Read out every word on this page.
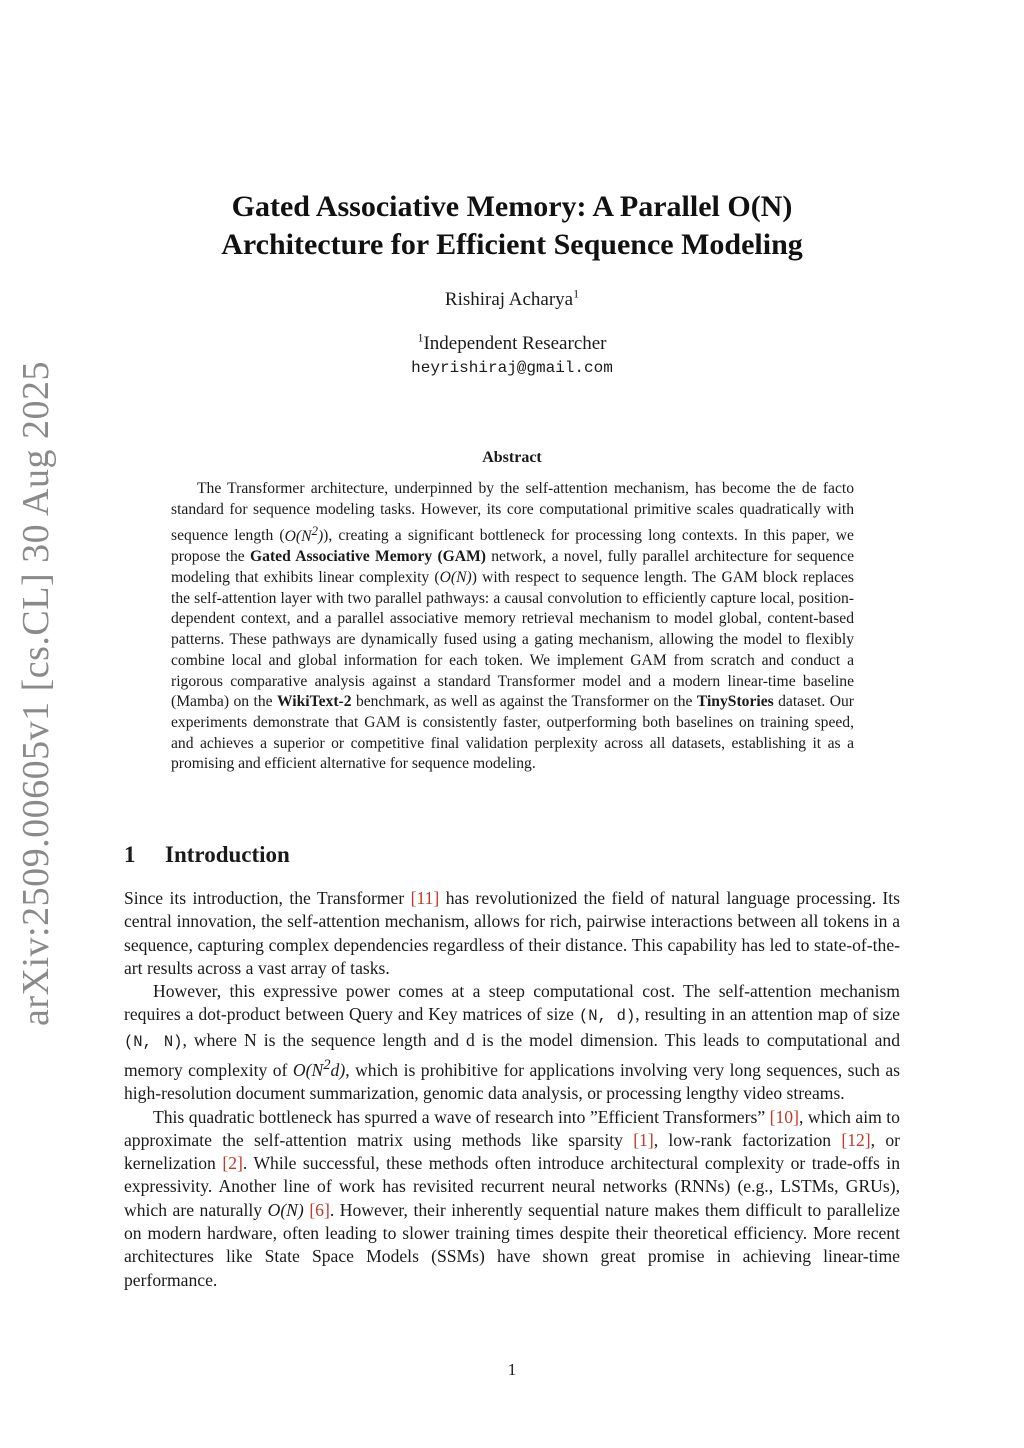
arXiv:2509.00605v1 [cs.CL] 30 Aug 2025
Gated Associative Memory: A Parallel O(N)
Architecture for Efficient Sequence Modeling
Rishiraj Acharya$^1$
$^1$Independent Researcher
heyrishiraj@gmail.com
Abstract

The Transformer architecture, underpinned by the self-attention mechanism, has become the de facto standard for sequence modeling tasks. However, its core computational primitive scales quadratically with sequence length $(O(N^2))$, creating a significant bottleneck for processing long contexts. In this paper, we propose the Gated Associative Memory (GAM) network, a novel, fully parallel architecture for sequence modeling that exhibits linear complexity (O(N)) with respect to sequence length. The GAM block replaces the self-attention layer with two parallel pathways: a causal convolution to efficiently capture local, position-dependent context, and a parallel associative memory retrieval mechanism to model global, content-based patterns. These pathways are dynamically fused using a gating mechanism, allowing the model to flexibly combine local and global information for each token. We implement GAM from scratch and conduct a rigorous comparative analysis against a standard Transformer model and a modern linear-time baseline (Mamba) on the WikiText-2 benchmark, as well as against the Transformer on the TinyStories dataset. Our experiments demonstrate that GAM is consistently faster, outperforming both baselines on training speed, and achieves a superior or competitive final validation perplexity across all datasets, establishing it as a promising and efficient alternative for sequence modeling.

1 Introduction

Since its introduction, the Transformer [11] has revolutionized the field of natural language processing. Its central innovation, the self-attention mechanism, allows for rich, pairwise interactions between all tokens in a sequence, capturing complex dependencies regardless of their distance. This capability has led to state-of-the-art results across a vast array of tasks.

However, this expressive power comes at a steep computational cost. The self-attention mechanism requires a dot-product between Query and Key matrices of size (N, d), resulting in an attention map of size (N, N), where N is the sequence length and d is the model dimension. This leads to computational and memory complexity of $O(N^2d)$, which is prohibitive for applications involving very long sequences, such as high-resolution document summarization, genomic data analysis, or processing lengthy video streams.

This quadratic bottleneck has spurred a wave of research into ”Efficient Transformers” [10], which aim to approximate the self-attention matrix using methods like sparsity [1], low-rank factorization [12], or kernelization [2]. While successful, these methods often introduce architectural complexity or trade-offs in expressivity. Another line of work has revisited recurrent neural networks (RNNs) (e.g., LSTMs, GRUs), which are naturally O(N) [6]. However, their inherently sequential nature makes them difficult to parallelize on modern hardware, often leading to slower training times despite their theoretical efficiency. More recent architectures like State Space Models (SSMs) have shown great promise in achieving linear-time performance.

1
